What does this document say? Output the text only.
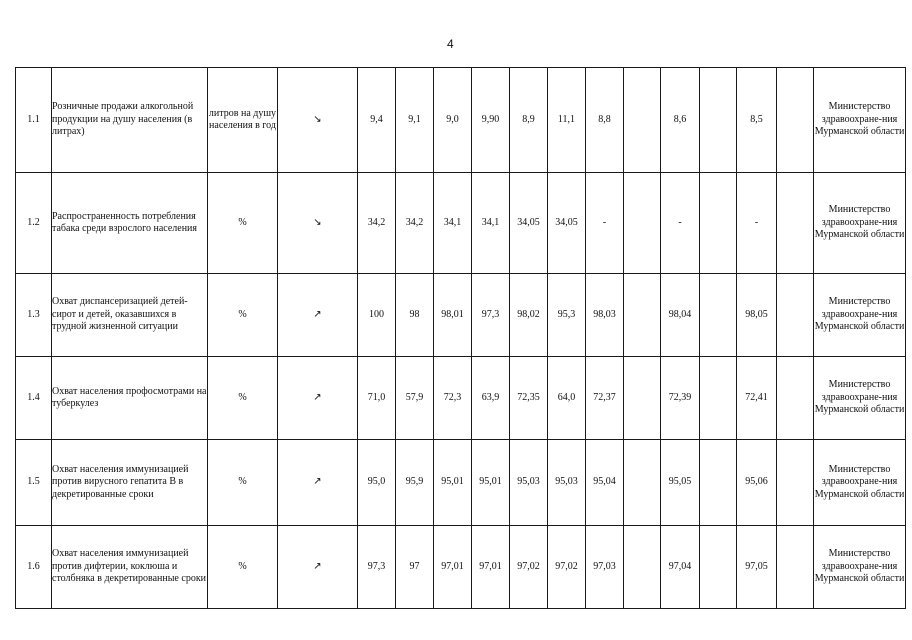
4
1.1	Розничные продажи алкогольной продукции на душу населения (в литрах)	литров на душу населения в год	↘	9,4	9,1	9,0	9,90	8,9	11,1	8,8		8,6		8,5		Министерство здравоохране-ния Мурманской области
1.2	Распространенность потребления табака среди взрослого населения	%	↘	34,2	34,2	34,1	34,1	34,05	34,05	-		-		-		Министерство здравоохране-ния Мурманской области
1.3	Охват диспансеризацией детей-сирот и детей, оказавшихся в трудной жизненной ситуации	%	↗	100	98	98,01	97,3	98,02	95,3	98,03		98,04		98,05		Министерство здравоохране-ния Мурманской области
1.4	Охват населения профосмотрами на туберкулез	%	↗	71,0	57,9	72,3	63,9	72,35	64,0	72,37		72,39		72,41		Министерство здравоохране-ния Мурманской области
1.5	Охват населения иммунизацией против вирусного гепатита В в декретированные сроки	%	↗	95,0	95,9	95,01	95,01	95,03	95,03	95,04		95,05		95,06		Министерство здравоохране-ния Мурманской области
1.6	Охват населения иммунизацией против дифтерии, коклюша и столбняка в декретированные сроки	%	↗	97,3	97	97,01	97,01	97,02	97,02	97,03		97,04		97,05		Министерство здравоохране-ния Мурманской области
